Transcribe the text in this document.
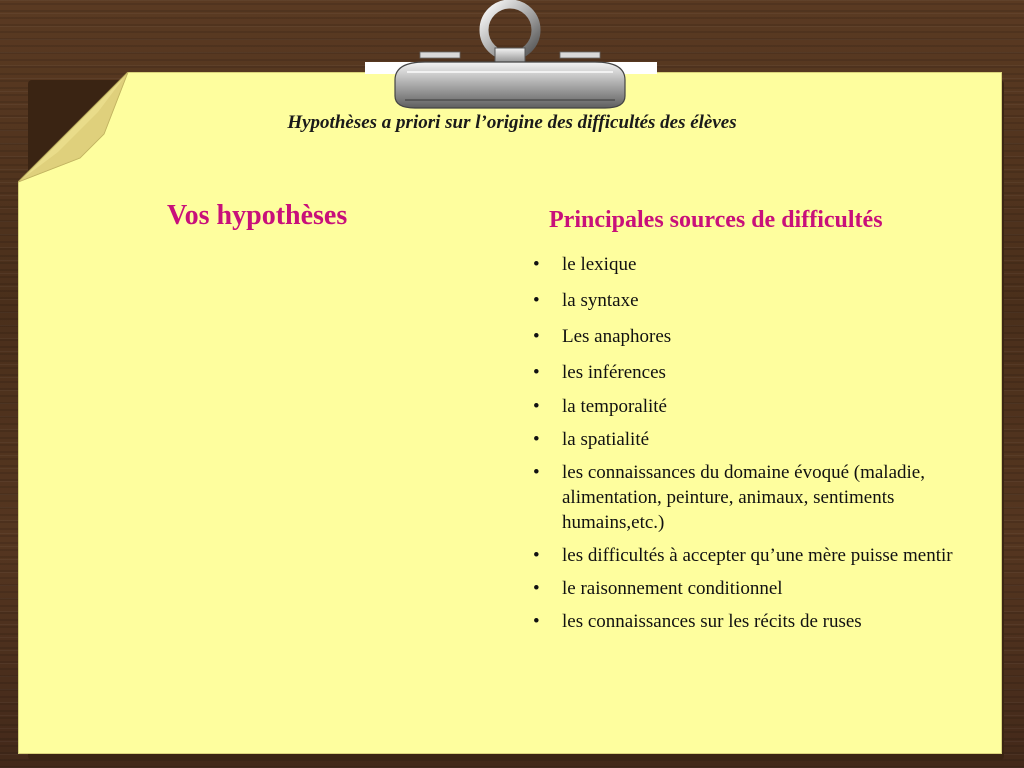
Hypothèses a priori sur l’origine des difficultés des élèves
Vos hypothèses	Principales sources de difficultés
• le lexique
• la syntaxe
• Les anaphores
• les inférences
• la temporalité
• la spatialité
• les connaissances du domaine évoqué (maladie, alimentation, peinture, animaux, sentiments humains,etc.)
• les difficultés à accepter qu’une mère puisse mentir
• le raisonnement conditionnel
• les connaissances sur les récits de ruses
